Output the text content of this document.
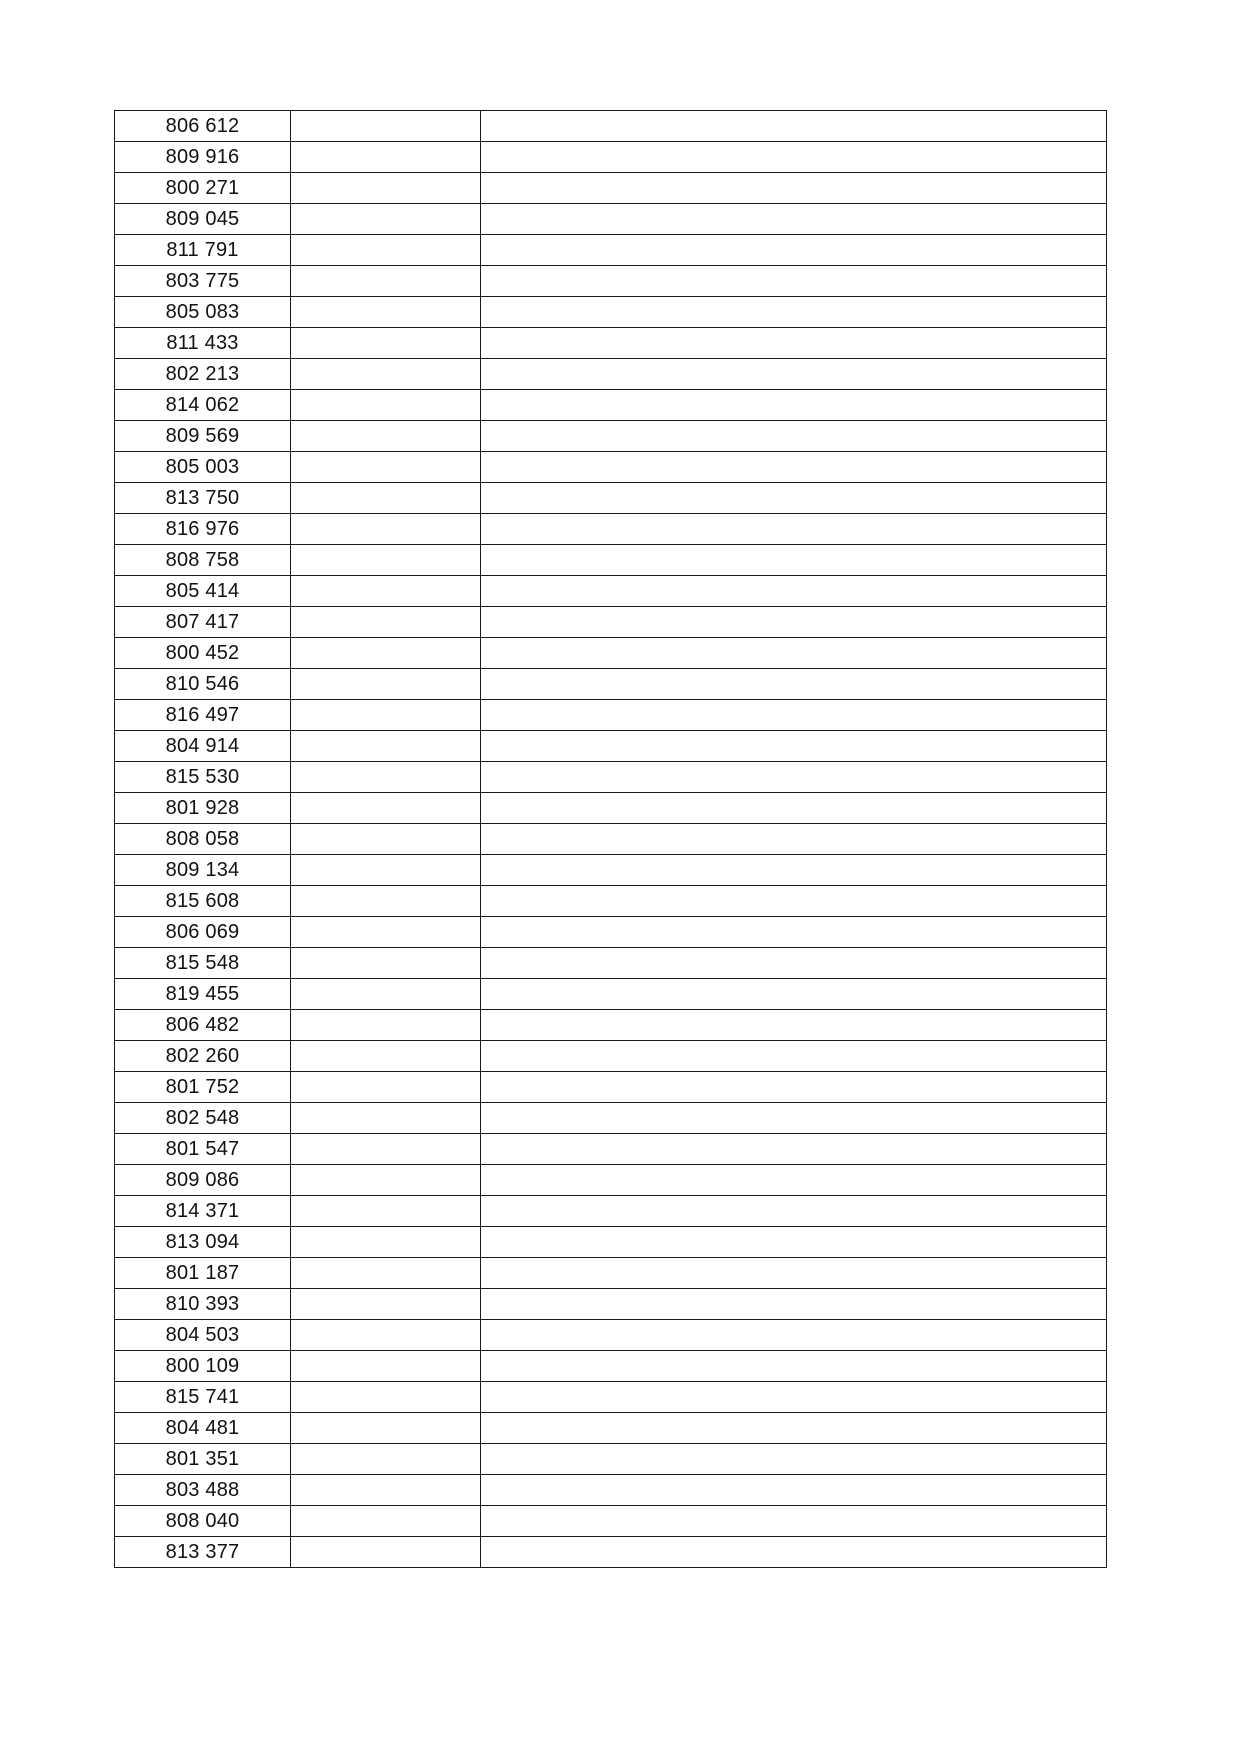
806 612		
809 916		
800 271		
809 045		
811 791		
803 775		
805 083		
811 433		
802 213		
814 062		
809 569		
805 003		
813 750		
816 976		
808 758		
805 414		
807 417		
800 452		
810 546		
816 497		
804 914		
815 530		
801 928		
808 058		
809 134		
815 608		
806 069		
815 548		
819 455		
806 482		
802 260		
801 752		
802 548		
801 547		
809 086		
814 371		
813 094		
801 187		
810 393		
804 503		
800 109		
815 741		
804 481		
801 351		
803 488		
808 040		
813 377		
